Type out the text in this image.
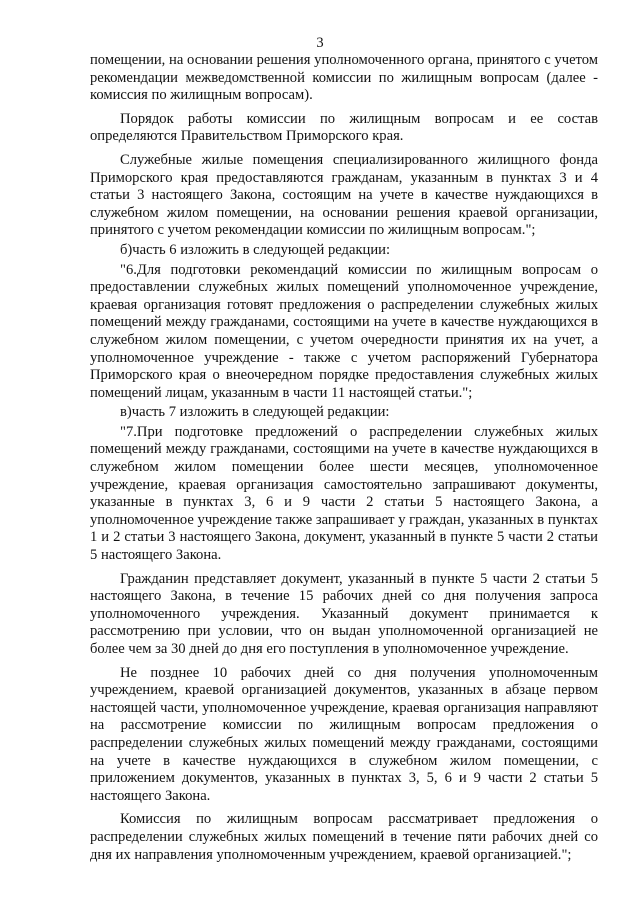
3

помещении, на основании решения уполномоченного органа, принятого с учетом рекомендации межведомственной комиссии по жилищным вопросам (далее - комиссия по жилищным вопросам).

Порядок работы комиссии по жилищным вопросам и ее состав определяются Правительством Приморского края.

Служебные жилые помещения специализированного жилищного фонда Приморского края предоставляются гражданам, указанным в пунктах 3 и 4 статьи 3 настоящего Закона, состоящим на учете в качестве нуждающихся в служебном жилом помещении, на основании решения краевой организации, принятого с учетом рекомендации комиссии по жилищным вопросам.";

б)часть 6 изложить в следующей редакции:

"6.Для подготовки рекомендаций комиссии по жилищным вопросам о предоставлении служебных жилых помещений уполномоченное учреждение, краевая организация готовят предложения о распределении служебных жилых помещений между гражданами, состоящими на учете в качестве нуждающихся в служебном жилом помещении, с учетом очередности принятия их на учет, а уполномоченное учреждение - также с учетом распоряжений Губернатора Приморского края о внеочередном порядке предоставления служебных жилых помещений лицам, указанным в части 11 настоящей статьи.";

в)часть 7 изложить в следующей редакции:

"7.При подготовке предложений о распределении служебных жилых помещений между гражданами, состоящими на учете в качестве нуждающихся в служебном жилом помещении более шести месяцев, уполномоченное учреждение, краевая организация самостоятельно запрашивают документы, указанные в пунктах 3, 6 и 9 части 2 статьи 5 настоящего Закона, а уполномоченное учреждение также запрашивает у граждан, указанных в пунктах 1 и 2 статьи 3 настоящего Закона, документ, указанный в пункте 5 части 2 статьи 5 настоящего Закона.

Гражданин представляет документ, указанный в пункте 5 части 2 статьи 5 настоящего Закона, в течение 15 рабочих дней со дня получения запроса уполномоченного учреждения. Указанный документ принимается к рассмотрению при условии, что он выдан уполномоченной организацией не более чем за 30 дней до дня его поступления в уполномоченное учреждение.

Не позднее 10 рабочих дней со дня получения уполномоченным учреждением, краевой организацией документов, указанных в абзаце первом настоящей части, уполномоченное учреждение, краевая организация направляют на рассмотрение комиссии по жилищным вопросам предложения о распределении служебных жилых помещений между гражданами, состоящими на учете в качестве нуждающихся в служебном жилом помещении, с приложением документов, указанных в пунктах 3, 5, 6 и 9 части 2 статьи 5 настоящего Закона.

Комиссия по жилищным вопросам рассматривает предложения о распределении служебных жилых помещений в течение пяти рабочих дней со дня их направления уполномоченным учреждением, краевой организацией.";
